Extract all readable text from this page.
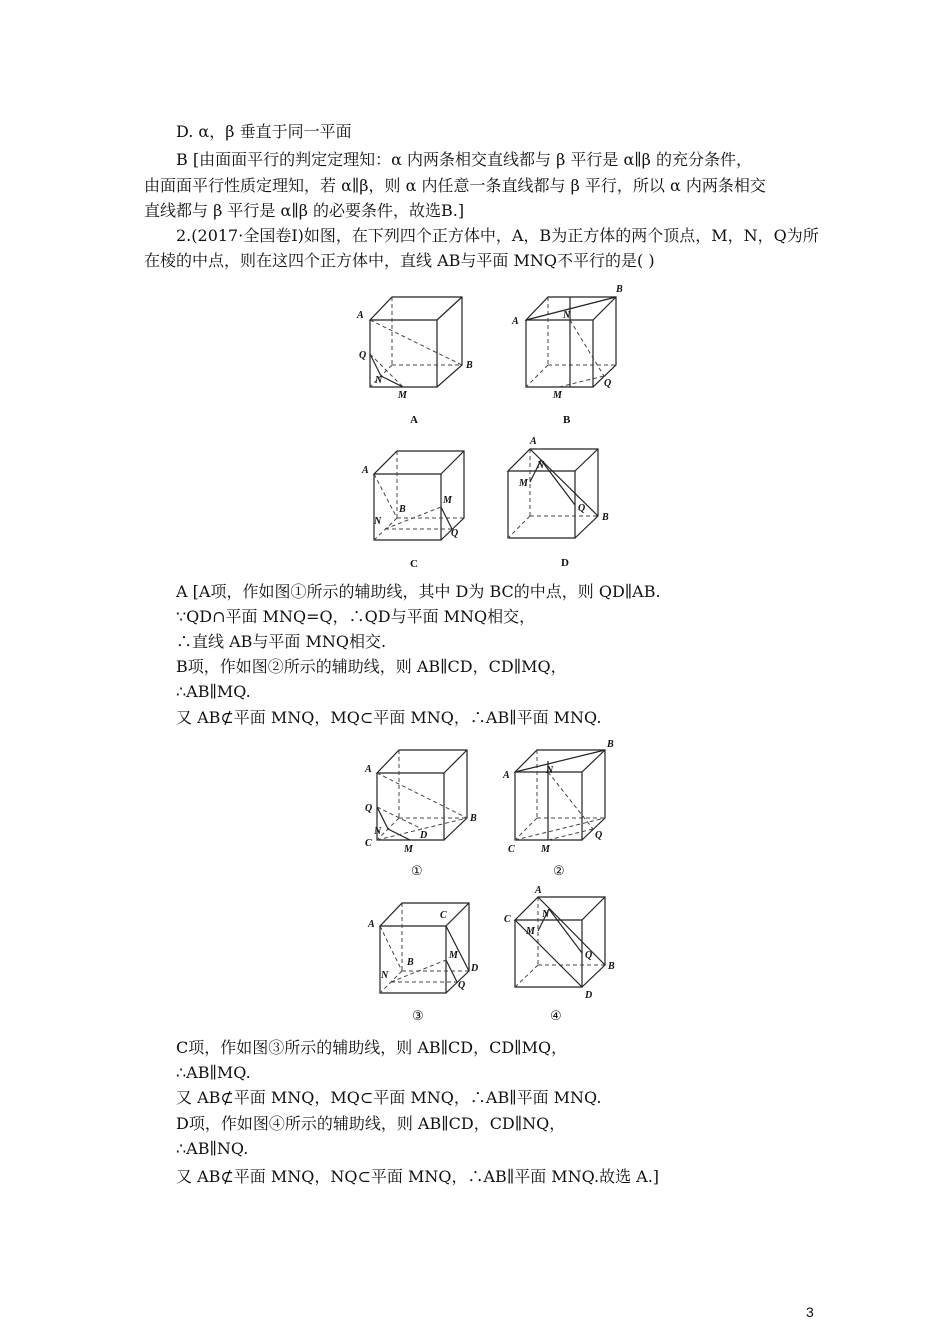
D. α，β 垂直于同一平面
B [由面面平行的判定定理知：α 内两条相交直线都与 β 平行是 α∥β 的充分条件，
由面面平行性质定理知，若 α∥β，则 α 内任意一条直线都与 β 平行，所以 α 内两条相交
直线都与 β 平行是 α∥β 的必要条件，故选B.]
2.(2017·全国卷Ⅰ)如图，在下列四个正方体中，A，B为正方体的两个顶点，M，N，Q为所
在棱的中点，则在这四个正方体中，直线 AB与平面 MNQ不平行的是( )
A [A项，作如图①所示的辅助线，其中 D为 BC的中点，则 QD∥AB.
∵QD∩平面 MNQ=Q，∴QD与平面 MNQ相交，
∴直线 AB与平面 MNQ相交.
B项，作如图②所示的辅助线，则 AB∥CD，CD∥MQ，
∴AB∥MQ.
又 AB⊄平面 MNQ，MQ⊂平面 MNQ，∴AB∥平面 MNQ.
C项，作如图③所示的辅助线，则 AB∥CD，CD∥MQ，
∴AB∥MQ.
又 AB⊄平面 MNQ，MQ⊂平面 MNQ，∴AB∥平面 MNQ.
D项，作如图④所示的辅助线，则 AB∥CD，CD∥NQ，
∴AB∥NQ.
又 AB⊄平面 MNQ，NQ⊂平面 MNQ，∴AB∥平面 MNQ.故选 A.]
A
Q
N
M
B
A
B
A
N
Q
M
B
A
M
B
N
Q
C
A
N
M
Q
B
D
A
Q
N	D
B
C
M
①
B
A	N
Q
C	M
②
A
C
M
D
B
N
Q
③
A
C	N
M
Q
B
D
④
3
